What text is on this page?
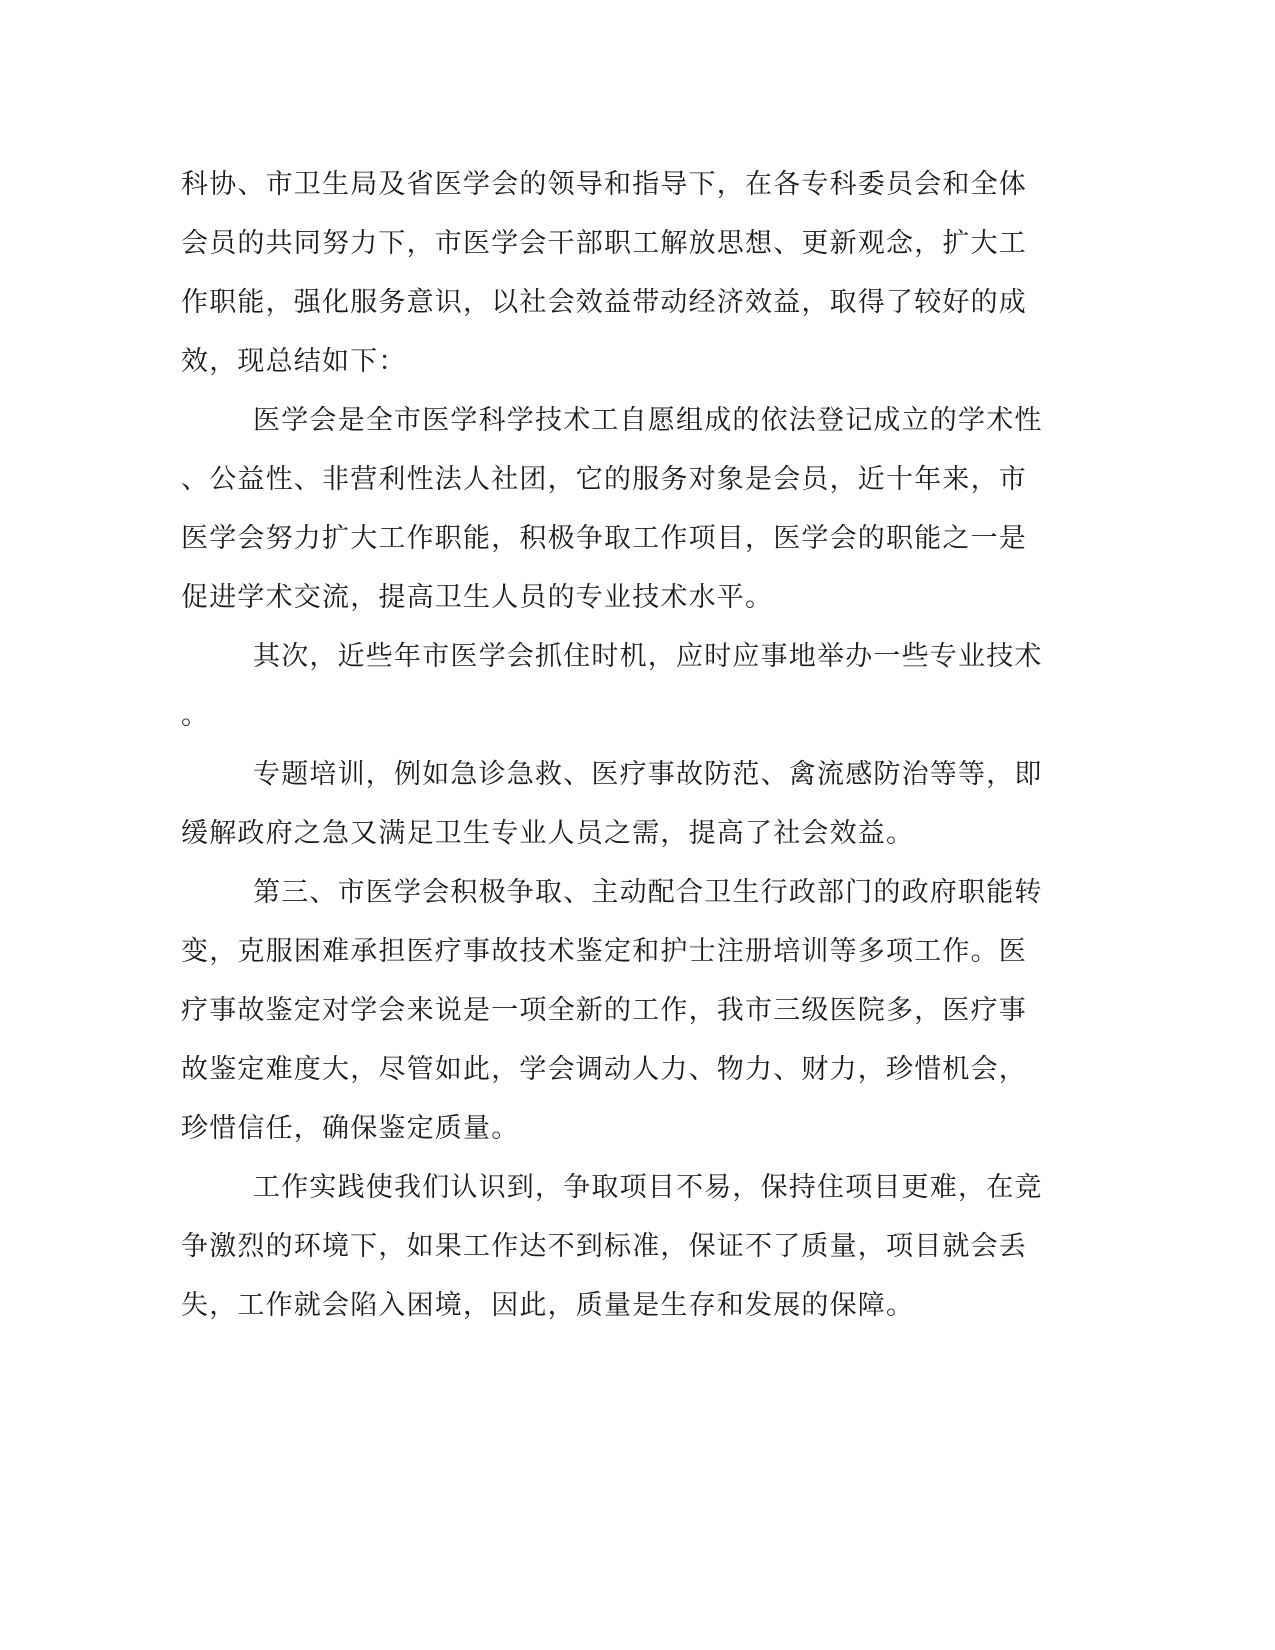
科协、市卫生局及省医学会的领导和指导下，在各专科委员会和全体
会员的共同努力下，市医学会干部职工解放思想、更新观念，扩大工
作职能，强化服务意识，以社会效益带动经济效益，取得了较好的成
效，现总结如下：
医学会是全市医学科学技术工自愿组成的依法登记成立的学术性
、公益性、非营利性法人社团，它的服务对象是会员，近十年来，市
医学会努力扩大工作职能，积极争取工作项目，医学会的职能之一是
促进学术交流，提高卫生人员的专业技术水平。
其次，近些年市医学会抓住时机，应时应事地举办一些专业技术
。
专题培训，例如急诊急救、医疗事故防范、禽流感防治等等，即
缓解政府之急又满足卫生专业人员之需，提高了社会效益。
第三、市医学会积极争取、主动配合卫生行政部门的政府职能转
变，克服困难承担医疗事故技术鉴定和护士注册培训等多项工作。医
疗事故鉴定对学会来说是一项全新的工作，我市三级医院多，医疗事
故鉴定难度大，尽管如此，学会调动人力、物力、财力，珍惜机会，
珍惜信任，确保鉴定质量。
工作实践使我们认识到，争取项目不易，保持住项目更难，在竞
争激烈的环境下，如果工作达不到标准，保证不了质量，项目就会丢
失，工作就会陷入困境，因此，质量是生存和发展的保障。
